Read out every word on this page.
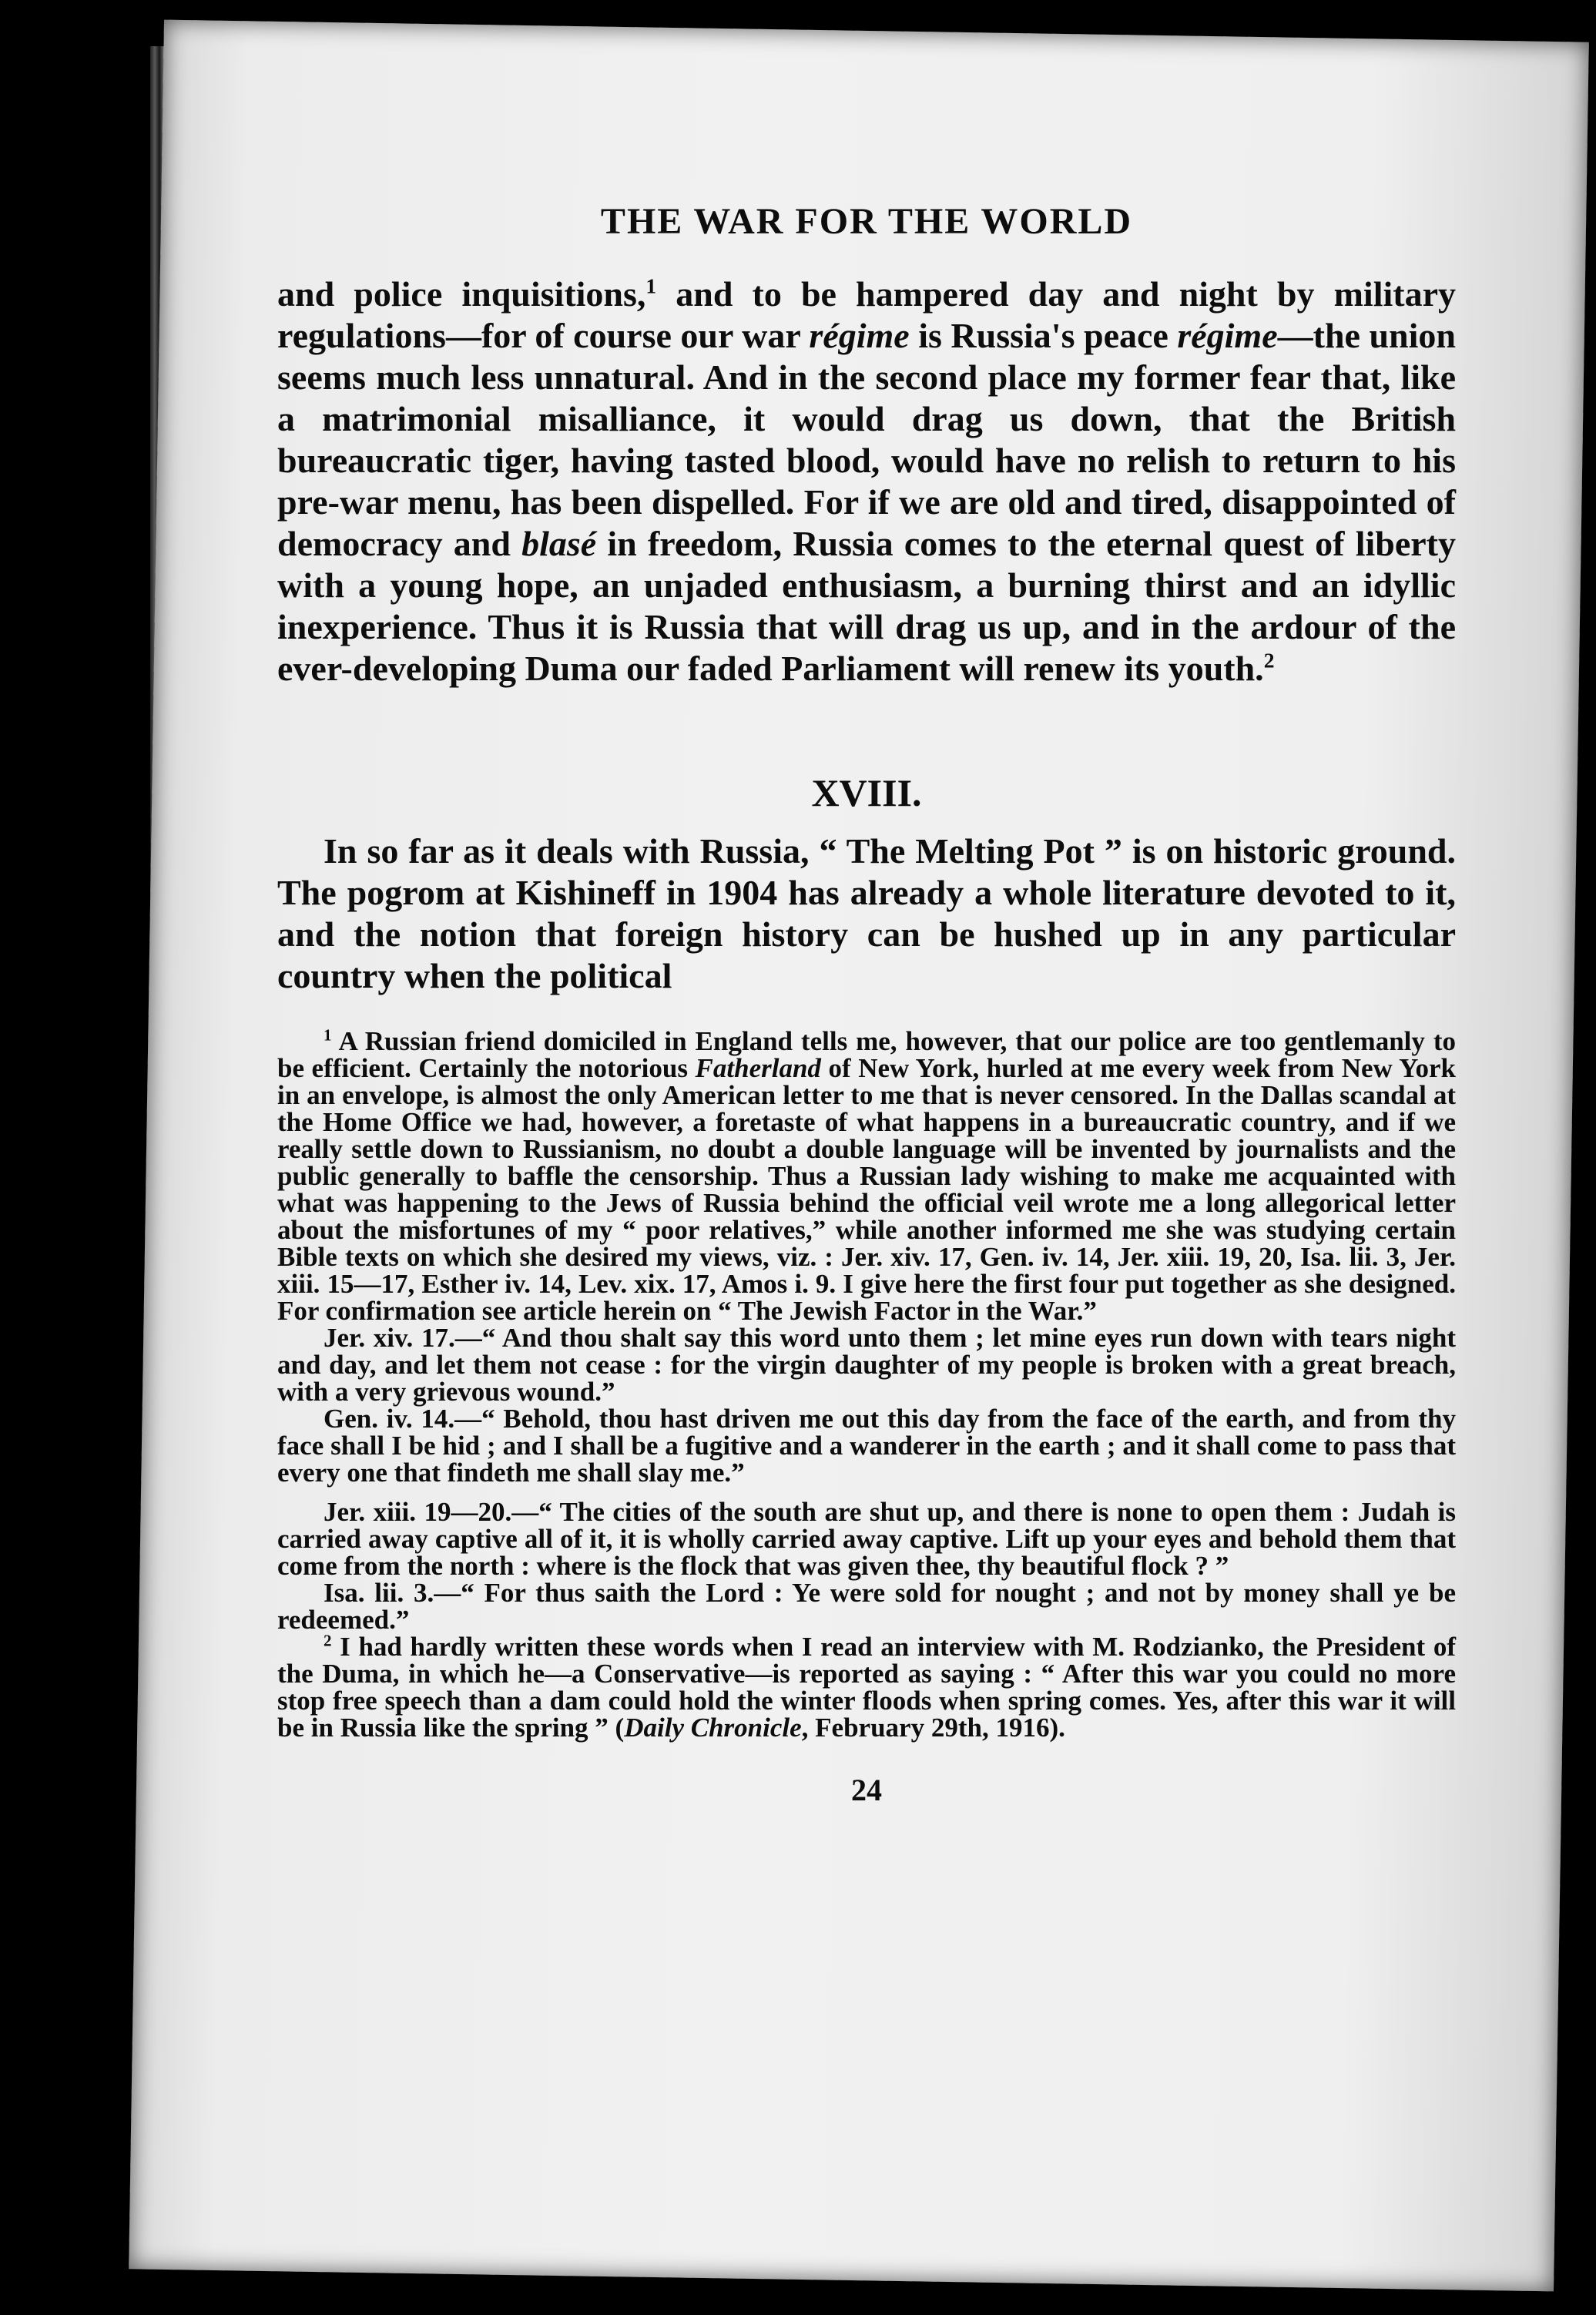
THE WAR FOR THE WORLD

and police inquisitions,$^1$ and to be hampered day and night by military regulations—for of course our war régime is Russia's peace régime—the union seems much less unnatural. And in the second place my former fear that, like a matrimonial misalliance, it would drag us down, that the British bureaucratic tiger, having tasted blood, would have no relish to return to his pre-war menu, has been dispelled. For if we are old and tired, disappointed of democracy and blasé in freedom, Russia comes to the eternal quest of liberty with a young hope, an unjaded enthusiasm, a burning thirst and an idyllic inexperience. Thus it is Russia that will drag us up, and in the ardour of the ever-developing Duma our faded Parliament will renew its youth.$^2$

XVIII.

In so far as it deals with Russia, “ The Melting Pot ” is on historic ground. The pogrom at Kishineff in 1904 has already a whole literature devoted to it, and the notion that foreign history can be hushed up in any particular country when the political

$^1$ A Russian friend domiciled in England tells me, however, that our police are too gentlemanly to be efficient. Certainly the notorious Fatherland of New York, hurled at me every week from New York in an envelope, is almost the only American letter to me that is never censored. In the Dallas scandal at the Home Office we had, however, a foretaste of what happens in a bureaucratic country, and if we really settle down to Russianism, no doubt a double language will be invented by journalists and the public generally to baffle the censorship. Thus a Russian lady wishing to make me acquainted with what was happening to the Jews of Russia behind the official veil wrote me a long allegorical letter about the misfortunes of my “ poor relatives,” while another informed me she was studying certain Bible texts on which she desired my views, viz. : Jer. xiv. 17, Gen. iv. 14, Jer. xiii. 19, 20, Isa. lii. 3, Jer. xiii. 15—17, Esther iv. 14, Lev. xix. 17, Amos i. 9. I give here the first four put together as she designed. For confirmation see article herein on “ The Jewish Factor in the War.”

Jer. xiv. 17.—“ And thou shalt say this word unto them ; let mine eyes run down with tears night and day, and let them not cease : for the virgin daughter of my people is broken with a great breach, with a very grievous wound.”

Gen. iv. 14.—“ Behold, thou hast driven me out this day from the face of the earth, and from thy face shall I be hid ; and I shall be a fugitive and a wanderer in the earth ; and it shall come to pass that every one that findeth me shall slay me.”

Jer. xiii. 19—20.—“ The cities of the south are shut up, and there is none to open them : Judah is carried away captive all of it, it is wholly carried away captive. Lift up your eyes and behold them that come from the north : where is the flock that was given thee, thy beautiful flock ? ”

Isa. lii. 3.—“ For thus saith the Lord : Ye were sold for nought ; and not by money shall ye be redeemed.”

$^2$ I had hardly written these words when I read an interview with M. Rodzianko, the President of the Duma, in which he—a Conservative—is reported as saying : “ After this war you could no more stop free speech than a dam could hold the winter floods when spring comes. Yes, after this war it will be in Russia like the spring ” (Daily Chronicle, February 29th, 1916).

24
